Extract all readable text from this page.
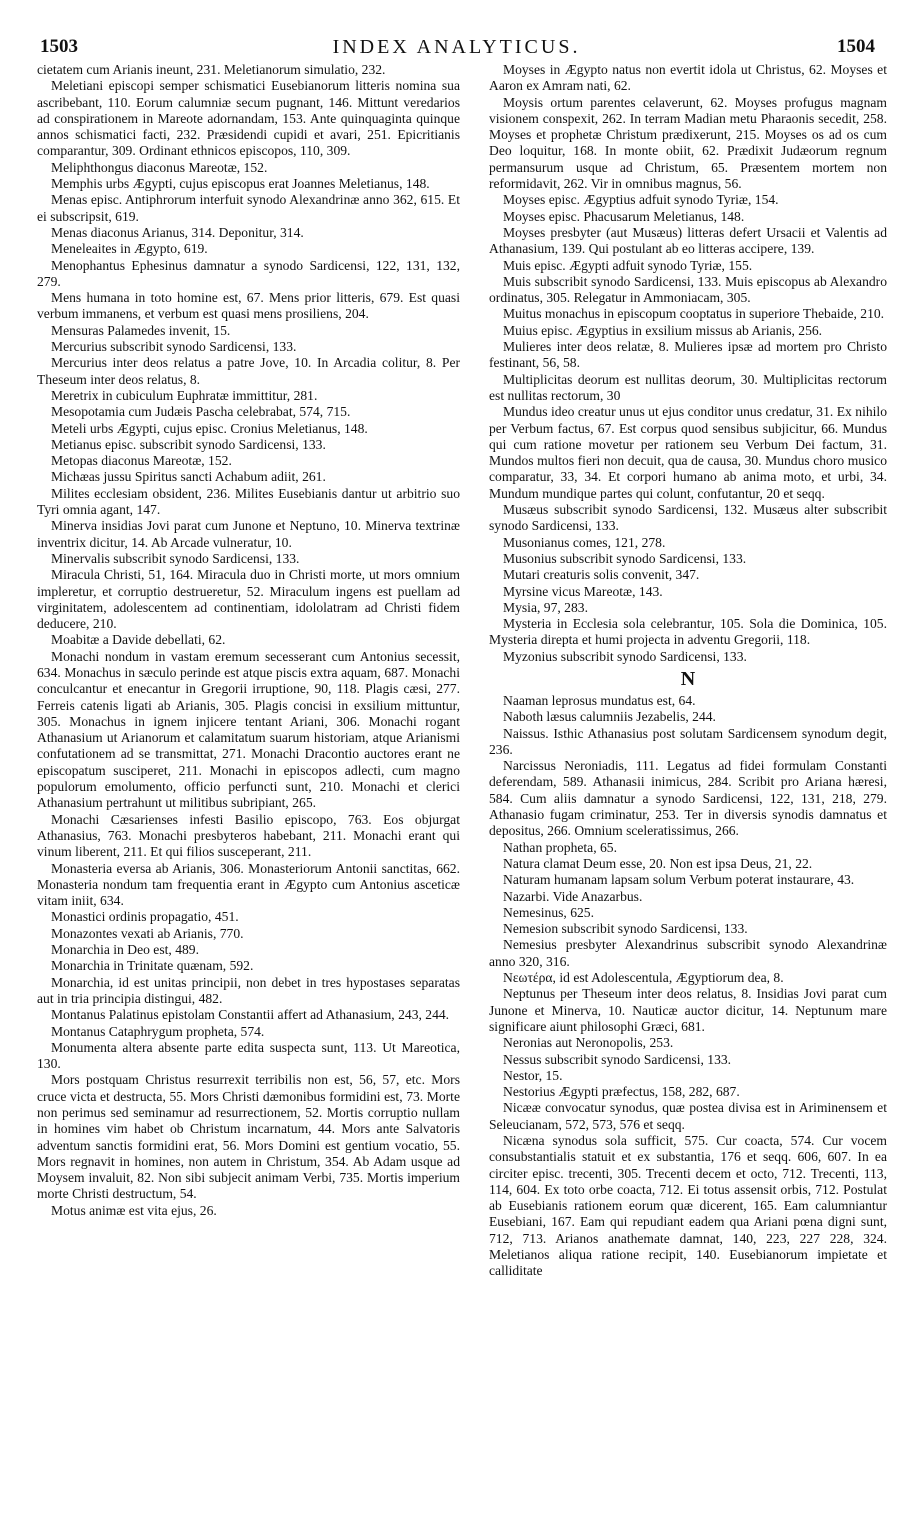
1503	INDEX ANALYTICUS.	1504
cietatem cum Arianis ineunt, 231. Meletianorum simulatio, 232.
Meletiani episcopi semper schismatici Eusebianorum litteris nomina sua ascribebant, 110. Eorum calumniæ secum pugnant, 146. Mittunt veredarios ad conspirationem in Mareote adornandam, 153. Ante quinquaginta quinque annos schismatici facti, 232. Præsidendi cupidi et avari, 251. Epicritianis comparantur, 309. Ordinant ethnicos episcopos, 110, 309.
Meliphthongus diaconus Mareotæ, 152.
Memphis urbs Ægypti, cujus episcopus erat Joannes Meletianus, 148.
Menas episc. Antiphrorum interfuit synodo Alexandrinæ anno 362, 615. Et ei subscripsit, 619.
Menas diaconus Arianus, 314. Deponitur, 314.
Meneleaites in Ægypto, 619.
Menophantus Ephesinus damnatur a synodo Sardicensi, 122, 131, 132, 279.
Mens humana in toto homine est, 67. Mens prior litteris, 679. Est quasi verbum immanens, et verbum est quasi mens prosiliens, 204.
Mensuras Palamedes invenit, 15.
Mercurius subscribit synodo Sardicensi, 133.
Mercurius inter deos relatus a patre Jove, 10. In Arcadia colitur, 8. Per Theseum inter deos relatus, 8.
Meretrix in cubiculum Euphratæ immittitur, 281.
Mesopotamia cum Judæis Pascha celebrabat, 574, 715.
Meteli urbs Ægypti, cujus episc. Cronius Meletianus, 148.
Metianus episc. subscribit synodo Sardicensi, 133.
Metopas diaconus Mareotæ, 152.
Michæas jussu Spiritus sancti Achabum adiit, 261.
Milites ecclesiam obsident, 236. Milites Eusebianis dantur ut arbitrio suo Tyri omnia agant, 147.
Minerva insidias Jovi parat cum Junone et Neptuno, 10. Minerva textrinæ inventrix dicitur, 14. Ab Arcade vulneratur, 10.
Minervalis subscribit synodo Sardicensi, 133.
Miracula Christi, 51, 164. Miracula duo in Christi morte, ut mors omnium impleretur, et corruptio destrueretur, 52. Miraculum ingens est puellam ad virginitatem, adolescentem ad continentiam, idololatram ad Christi fidem deducere, 210.
Moabitæ a Davide debellati, 62.
Monachi nondum in vastam eremum secesserant cum Antonius secessit, 634. Monachus in sæculo perinde est atque piscis extra aquam, 687. Monachi conculcantur et enecantur in Gregorii irruptione, 90, 118. Plagis cæsi, 277. Ferreis catenis ligati ab Arianis, 305. Plagis concisi in exsilium mittuntur, 305. Monachus in ignem injicere tentant Ariani, 306. Monachi rogant Athanasium ut Arianorum et calamitatum suarum historiam, atque Arianismi confutationem ad se transmittat, 271. Monachi Dracontio auctores erant ne episcopatum susciperet, 211. Monachi in episcopos adlecti, cum magno populorum emolumento, officio perfuncti sunt, 210. Monachi et clerici Athanasium pertrahunt ut militibus subripiant, 265.
Monachi Cæsarienses infesti Basilio episcopo, 763. Eos objurgat Athanasius, 763. Monachi presbyteros habebant, 211. Monachi erant qui vinum liberent, 211. Et qui filios susceperant, 211.
Monasteria eversa ab Arianis, 306. Monasteriorum Antonii sanctitas, 662. Monasteria nondum tam frequentia erant in Ægypto cum Antonius asceticæ vitam iniit, 634.
Monastici ordinis propagatio, 451.
Monazontes vexati ab Arianis, 770.
Monarchia in Deo est, 489.
Monarchia in Trinitate quænam, 592.
Monarchia, id est unitas principii, non debet in tres hypostases separatas aut in tria principia distingui, 482.
Montanus Palatinus epistolam Constantii affert ad Athanasium, 243, 244.
Montanus Cataphrygum propheta, 574.
Monumenta altera absente parte edita suspecta sunt, 113. Ut Mareotica, 130.
Mors postquam Christus resurrexit terribilis non est, 56, 57, etc. Mors cruce victa et destructa, 55. Mors Christi dæmonibus formidini est, 73. Morte non perimus sed seminamur ad resurrectionem, 52. Mortis corruptio nullam in homines vim habet ob Christum incarnatum, 44. Mors ante Salvatoris adventum sanctis formidini erat, 56. Mors Domini est gentium vocatio, 55. Mors regnavit in homines, non autem in Christum, 354. Ab Adam usque ad Moysem invaluit, 82. Non sibi subjecit animam Verbi, 735. Mortis imperium morte Christi destructum, 54.
Motus animæ est vita ejus, 26.
Moyses in Ægypto natus non evertit idola ut Christus, 62. Moyses et Aaron ex Amram nati, 62.
Moysis ortum parentes celaverunt, 62. Moyses profugus magnam visionem conspexit, 262. In terram Madian metu Pharaonis secedit, 258. Moyses et prophetæ Christum prædixerunt, 215. Moyses os ad os cum Deo loquitur, 168. In monte obiit, 62. Prædixit Judæorum regnum permansurum usque ad Christum, 65. Præsentem mortem non reformidavit, 262. Vir in omnibus magnus, 56.
Moyses episc. Ægyptius adfuit synodo Tyriæ, 154.
Moyses episc. Phacusarum Meletianus, 148.
Moyses presbyter (aut Musæus) litteras defert Ursacii et Valentis ad Athanasium, 139. Qui postulant ab eo litteras accipere, 139.
Muis episc. Ægypti adfuit synodo Tyriæ, 155.
Muis subscribit synodo Sardicensi, 133. Muis episcopus ab Alexandro ordinatus, 305. Relegatur in Ammoniacam, 305.
Muitus monachus in episcopum cooptatus in superiore Thebaide, 210.
Muius episc. Ægyptius in exsilium missus ab Arianis, 256.
Mulieres inter deos relatæ, 8. Mulieres ipsæ ad mortem pro Christo festinant, 56, 58.
Multiplicitas deorum est nullitas deorum, 30. Multiplicitas rectorum est nullitas rectorum, 30
Mundus ideo creatur unus ut ejus conditor unus credatur, 31. Ex nihilo per Verbum factus, 67. Est corpus quod sensibus subjicitur, 66. Mundus qui cum ratione movetur per rationem seu Verbum Dei factum, 31. Mundos multos fieri non decuit, qua de causa, 30. Mundus choro musico comparatur, 33, 34. Et corpori humano ab anima moto, et urbi, 34. Mundum mundique partes qui colunt, confutantur, 20 et seqq.
Musæus subscribit synodo Sardicensi, 132. Musæus alter subscribit synodo Sardicensi, 133.
Musonianus comes, 121, 278.
Musonius subscribit synodo Sardicensi, 133.
Mutari creaturis solis convenit, 347.
Myrsine vicus Mareotæ, 143.
Mysia, 97, 283.
Mysteria in Ecclesia sola celebrantur, 105. Sola die Dominica, 105. Mysteria direpta et humi projecta in adventu Gregorii, 118.
Myzonius subscribit synodo Sardicensi, 133.
N
Naaman leprosus mundatus est, 64.
Naboth læsus calumniis Jezabelis, 244.
Naissus. Isthic Athanasius post solutam Sardicensem synodum degit, 236.
Narcissus Neroniadis, 111. Legatus ad fidei formulam Constanti deferendam, 589. Athanasii inimicus, 284. Scribit pro Ariana hæresi, 584. Cum aliis damnatur a synodo Sardicensi, 122, 131, 218, 279. Athanasio fugam criminatur, 253. Ter in diversis synodis damnatus et depositus, 266. Omnium sceleratissimus, 266.
Nathan propheta, 65.
Natura clamat Deum esse, 20. Non est ipsa Deus, 21, 22.
Naturam humanam lapsam solum Verbum poterat instaurare, 43.
Nazarbi. Vide Anazarbus.
Nemesinus, 625.
Nemesion subscribit synodo Sardicensi, 133.
Nemesius presbyter Alexandrinus subscribit synodo Alexandrinæ anno 320, 316.
Νεωτέρα, id est Adolescentula, Ægyptiorum dea, 8.
Neptunus per Theseum inter deos relatus, 8. Insidias Jovi parat cum Junone et Minerva, 10. Nauticæ auctor dicitur, 14. Neptunum mare significare aiunt philosophi Græci, 681.
Neronias aut Neronopolis, 253.
Nessus subscribit synodo Sardicensi, 133.
Nestor, 15.
Nestorius Ægypti præfectus, 158, 282, 687.
Nicææ convocatur synodus, quæ postea divisa est in Ariminensem et Seleucianam, 572, 573, 576 et seqq.
Nicæna synodus sola sufficit, 575. Cur coacta, 574. Cur vocem consubstantialis statuit et ex substantia, 176 et seqq. 606, 607. In ea circiter episc. trecenti, 305. Trecenti decem et octo, 712. Trecenti, 113, 114, 604. Ex toto orbe coacta, 712. Ei totus assensit orbis, 712. Postulat ab Eusebianis rationem eorum quæ dicerent, 165. Eam calumniantur Eusebiani, 167. Eam qui repudiant eadem qua Ariani pœna digni sunt, 712, 713. Arianos anathemate damnat, 140, 223, 227 228, 324. Meletianos aliqua ratione recipit, 140. Eusebianorum impietate et calliditate
